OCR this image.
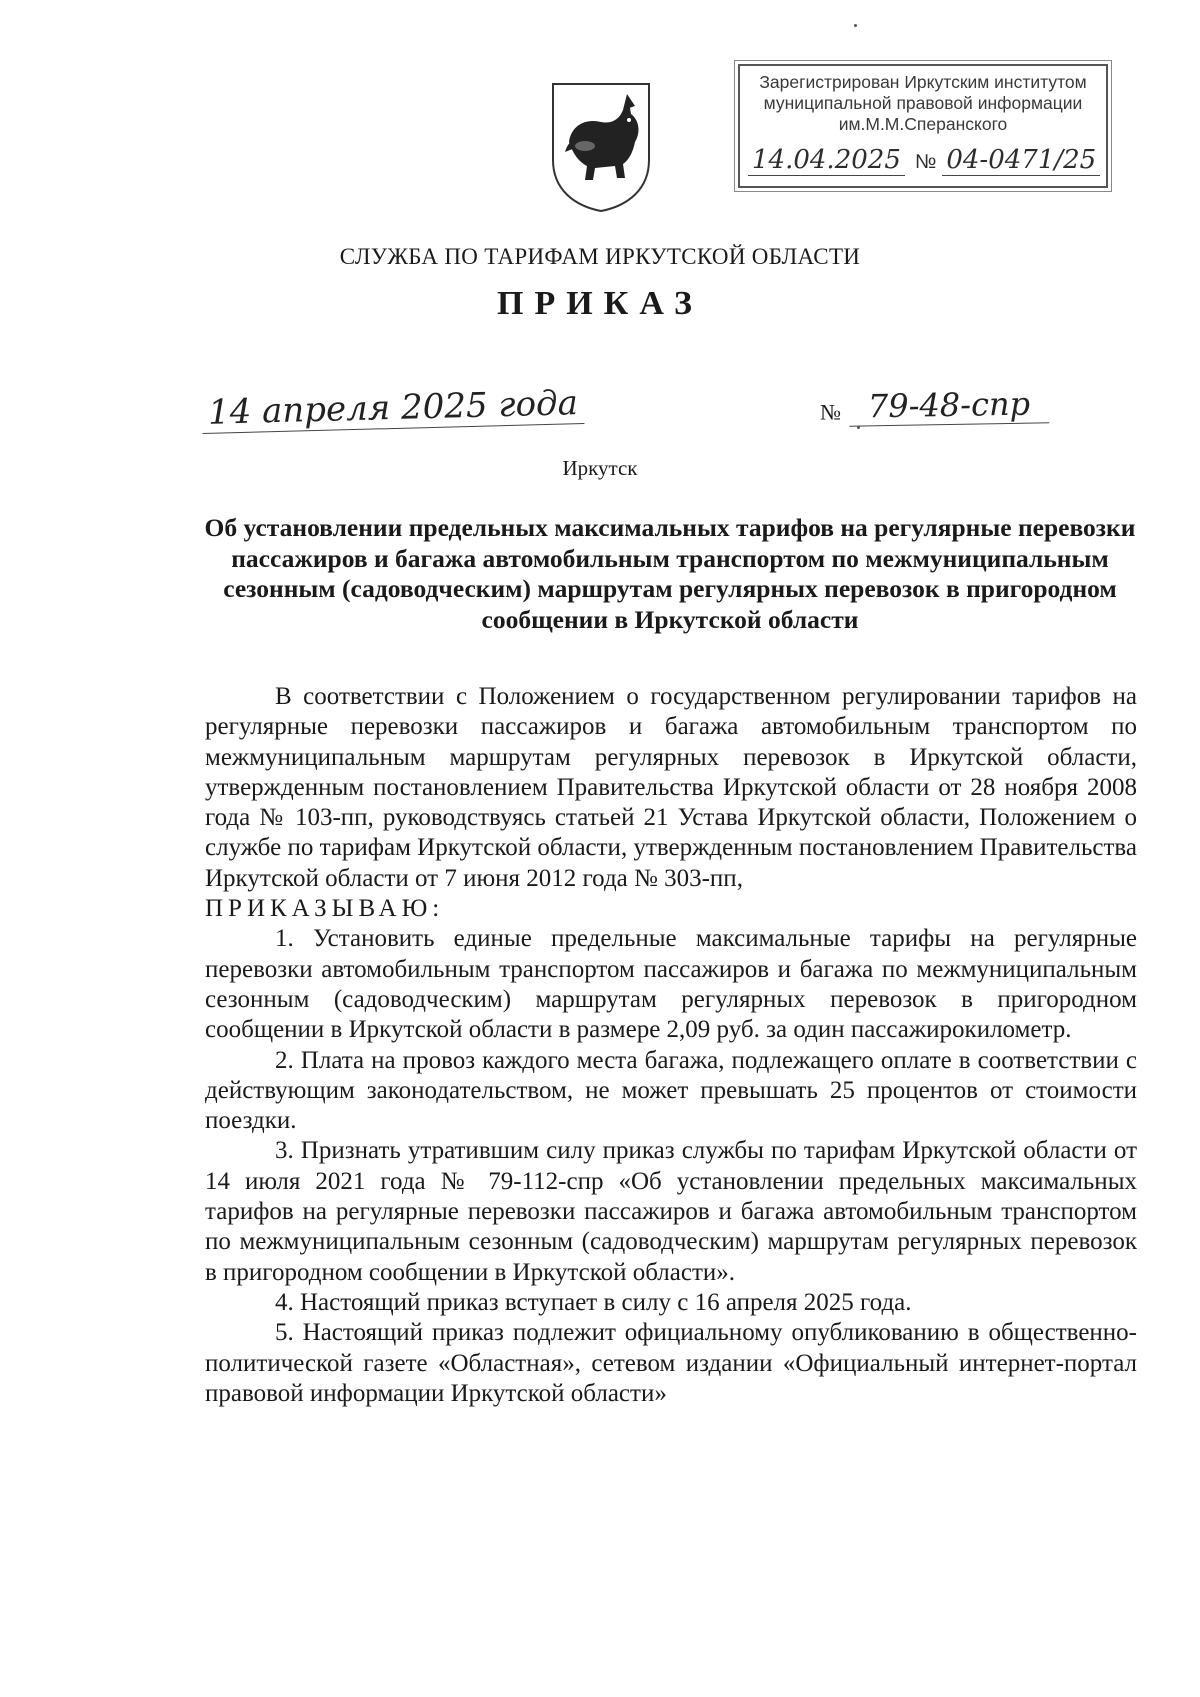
Зарегистрирован Иркутским институтом
муниципальной правовой информации
им.М.М.Сперанского
14.04.2025 № 04-0471/25
СЛУЖБА ПО ТАРИФАМ ИРКУТСКОЙ ОБЛАСТИ
ПРИКАЗ
14 апреля 2025 года	№ 79-48-спр
Иркутск
Об установлении предельных максимальных тарифов на регулярные перевозки пассажиров и багажа автомобильным транспортом по межмуниципальным сезонным (садоводческим) маршрутам регулярных перевозок в пригородном сообщении в Иркутской области

В соответствии с Положением о государственном регулировании тарифов на регулярные перевозки пассажиров и багажа автомобильным транспортом по межмуниципальным маршрутам регулярных перевозок в Иркутской области, утвержденным постановлением Правительства Иркутской области от 28 ноября 2008 года № 103-пп, руководствуясь статьей 21 Устава Иркутской области, Положением о службе по тарифам Иркутской области, утвержденным постановлением Правительства Иркутской области от 7 июня 2012 года № 303-пп,

ПРИКАЗЫВАЮ:

1. Установить единые предельные максимальные тарифы на регулярные перевозки автомобильным транспортом пассажиров и багажа по межмуниципальным сезонным (садоводческим) маршрутам регулярных перевозок в пригородном сообщении в Иркутской области в размере 2,09 руб. за один пассажирокилометр.

2. Плата на провоз каждого места багажа, подлежащего оплате в соответствии с действующим законодательством, не может превышать 25 процентов от стоимости поездки.

3. Признать утратившим силу приказ службы по тарифам Иркутской области от 14 июля 2021 года № 79-112-спр «Об установлении предельных максимальных тарифов на регулярные перевозки пассажиров и багажа автомобильным транспортом по межмуниципальным сезонным (садоводческим) маршрутам регулярных перевозок в пригородном сообщении в Иркутской области».

4. Настоящий приказ вступает в силу с 16 апреля 2025 года.

5. Настоящий приказ подлежит официальному опубликованию в общественно-политической газете «Областная», сетевом издании «Официальный интернет-портал правовой информации Иркутской области»
